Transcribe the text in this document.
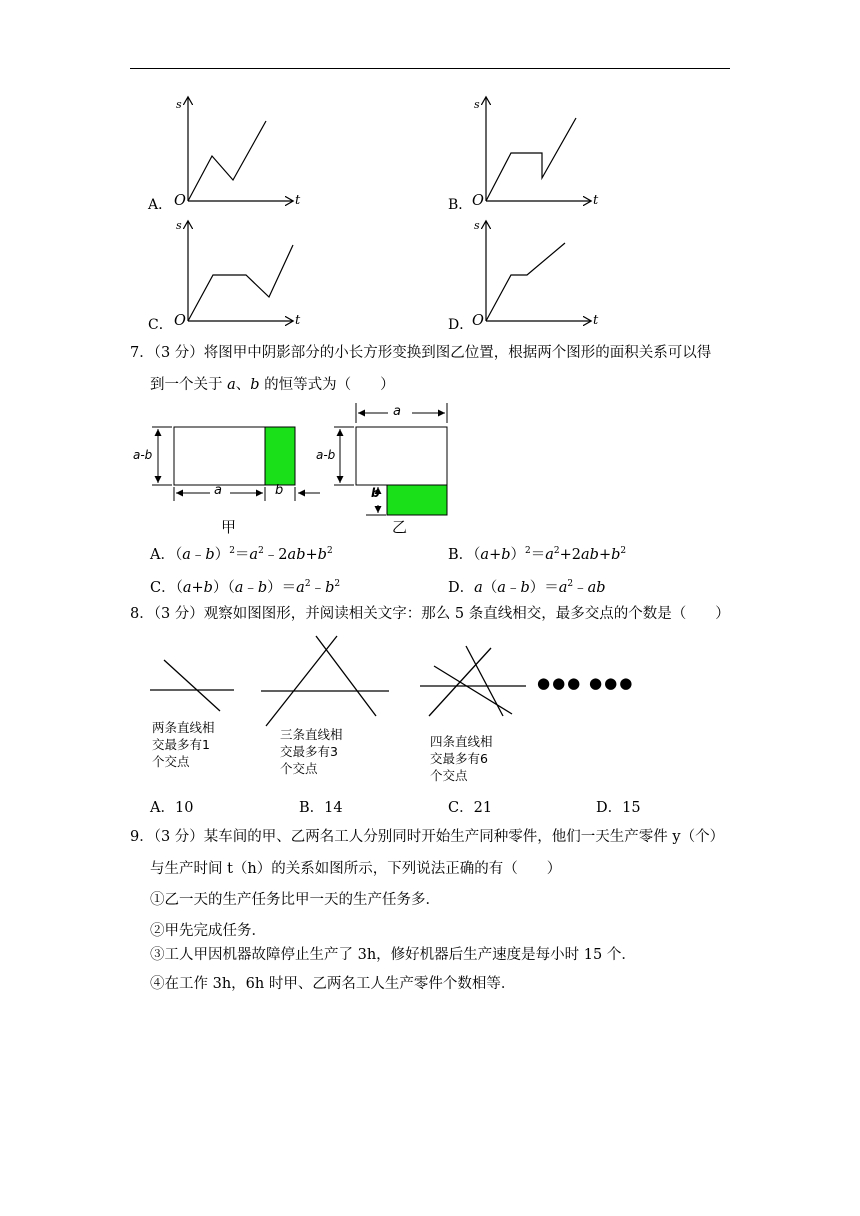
s
A． O	t
s
B． O	t
s
C． O	t
s
D．
O	t
7．（3 分）将图甲中阴影部分的小长方形变换到图乙位置，根据两个图形的面积关系可以得
到一个关于 a、b 的恒等式为（　　）
a-b
a	b
甲
a
a-b
b
乙
A．$(a﹣b)^2=a^2﹣2ab+b^2$	B．$(a+b)^2=a^2+2ab+b^2$
C．$(a+b)(a﹣b)=a^2﹣b^2$	D．$a(a﹣b)=a^2﹣ab$
8．（3 分）观察如图图形，并阅读相关文字：那么 5 条直线相交，最多交点的个数是（　　）
●●● ●●●
两条直线相
交最多有1
个交点
三条直线相
交最多有3
个交点
四条直线相
交最多有6
个交点
A．10	B．14	C．21	D．15
9．（3 分）某车间的甲、乙两名工人分别同时开始生产同种零件，他们一天生产零件 y（个）
与生产时间 t（h）的关系如图所示，下列说法正确的有（　　）
①乙一天的生产任务比甲一天的生产任务多．
②甲先完成任务．
③工人甲因机器故障停止生产了 3h，修好机器后生产速度是每小时 15 个．
④在工作 3h，6h 时甲、乙两名工人生产零件个数相等．
